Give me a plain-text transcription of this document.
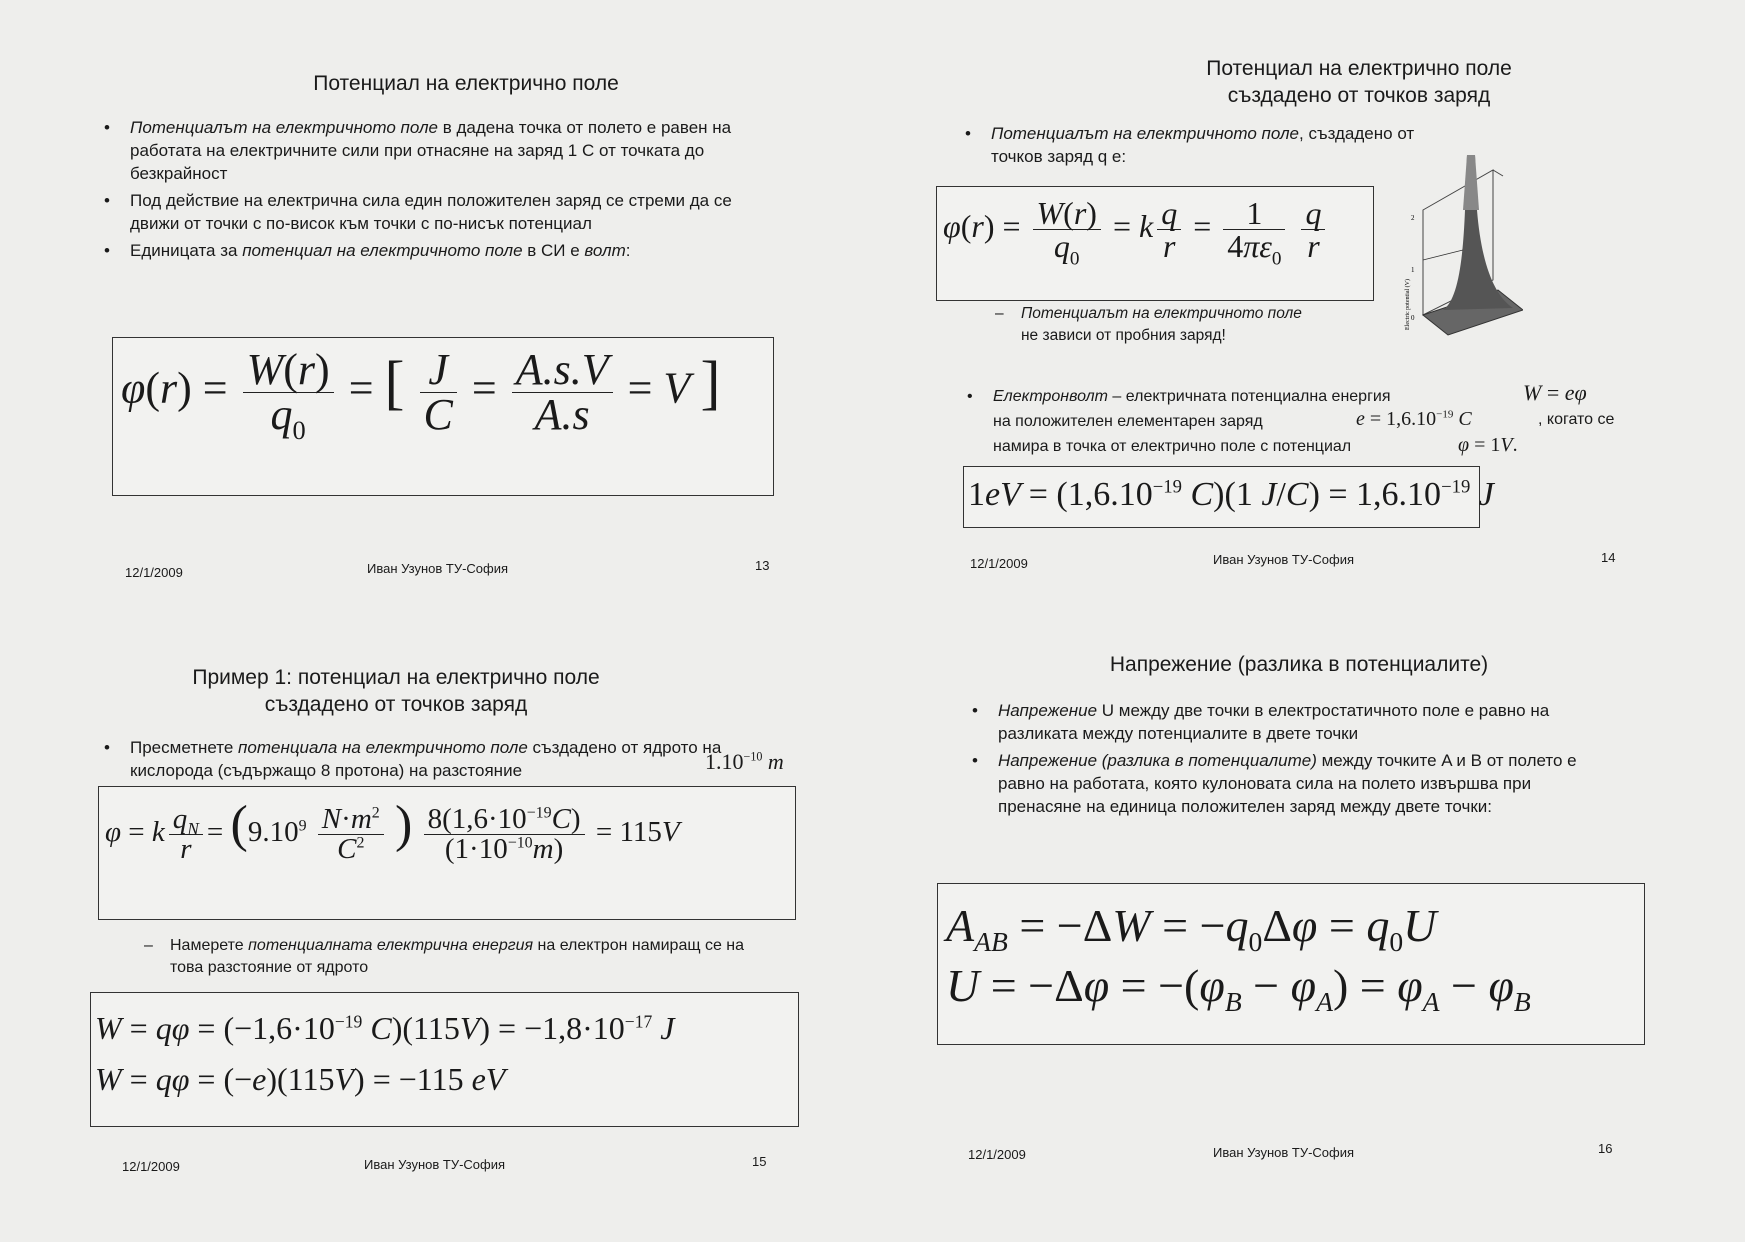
Потенциал на електрично поле
• Потенциалът на електричното поле в дадена точка от полето е равен на работата на електричните сили при отнасяне на заряд 1 C от точката до безкрайност
• Под действие на електрична сила един положителен заряд се стреми да се движи от точки с по-висок към точки с по-нисък потенциал
• Единицата за потенциал на електричното поле в СИ е волт:
$\varphi(r) = \frac{W(r)}{q_0}$ = [ $\frac{J}{C} = \frac{A.s.V}{A.s} = V$ ]
12/1/2009	Иван Узунов ТУ-София	13
Потенциал на електрично поле
създадено от точков заряд
• Потенциалът на електричното поле, създадено от точков заряд q е:
$\varphi(r) = \frac{W(r)}{q_0} = k \frac{q}{r} = \frac{1}{4\pi\varepsilon_0}$
$\frac{q}{r}$	2
1
0
Electric potential (V)
– Потенциалът на електричното поле
не зависи от пробния заряд!
• Електронволт – електричната потенциална енергия
на положителен елементарен заряд
намира в точка от електрично поле с потенциал
W = eφ
$e = 1,6.10^{-19}$ C	, когато се
φ = 1V.
$1eV = (1,6.10^{-19}$ C)(1 $J/C) = 1,6.10^{-19}$ J
12/1/2009	Иван Узунов ТУ-София	14
Пример 1: потенциал на електрично поле
създадено от точков заряд
• Пресметнете потенциала на електричното поле създадено от ядрото на кислорода (съдържащо 8 протона) на разстояние	$1.10^{-10}$ m
φ = k $\frac{q_N}{r} = (9.10^9 \frac{N\cdot m^2}{C^2}$ ) $\frac{8(1,6\cdot 10^{-19}C)}{(1\cdot 10^{-10}m)} = 115V$
– Намерете потенциалната електрична енергия на електрон намиращ се на това разстояние от ядрото
$W = q\varphi = (-1,6\cdot 10^{-19}$ $C)(115V) = -1,8\cdot 10^{-17}$ J
W = qφ = (−e)(115V) = −115 eV
12/1/2009	Иван Узунов ТУ-София	15
Напрежение (разлика в потенциалите)
• Напрежение U между две точки в електростатичното поле е равно на разликата между потенциалите в двете точки
• Напрежение (разлика в потенциалите) между точките A и B от полето е равно на работата, която кулоновата сила на полето извършва при пренасяне на единица положителен заряд между двете точки:
$A_{AB} = -\Delta W = -q_0\Delta\varphi = q_0U$
$U = -\Delta\varphi = -(\varphi_B - \varphi_A) = \varphi_A - \varphi_B$
12/1/2009	Иван Узунов ТУ-София	16
